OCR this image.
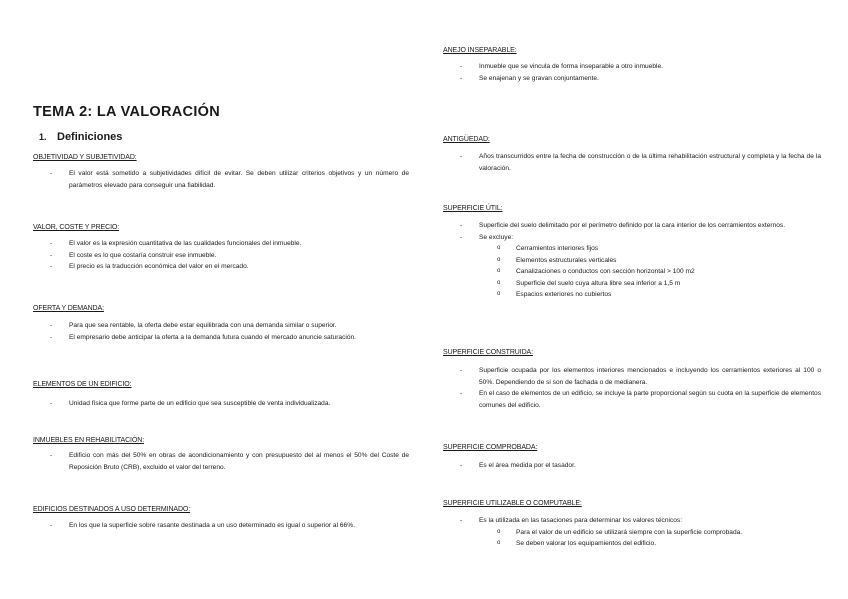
TEMA 2: LA VALORACIÓN
1. Definiciones

OBJETIVIDAD Y SUBJETIVIDAD:

- El valor está sometido a subjetividades difícil de evitar. Se deben utilizar criterios objetivos y un número de parámetros elevado para conseguir una fiabilidad.

VALOR, COSTE Y PRECIO:

- El valor es la expresión cuantitativa de las cualidades funcionales del inmueble.
- El coste es lo que costaría construir ese inmueble.
- El precio es la traducción económica del valor en el mercado.

OFERTA Y DEMANDA:

- Para que sea rentable, la oferta debe estar equilibrada con una demanda similar o superior.
- El empresario debe anticipar la oferta a la demanda futura cuando el mercado anuncie saturación.

ELEMENTOS DE UN EDIFICIO:

- Unidad física que forme parte de un edificio que sea susceptible de venta individualizada.

INMUEBLES EN REHABILITACIÓN:

- Edificio con más del 50% en obras de acondicionamiento y con presupuesto del al menos el 50% del Coste de Reposición Bruto (CRB), excluido el valor del terreno.

EDIFICIOS DESTINADOS A USO DETERMINADO:

- En los que la superficie sobre rasante destinada a un uso determinado es igual o superior al 66%.

ANEJO INSEPARABLE:

- Inmueble que se vincula de forma inseparable a otro inmueble.
- Se enajenan y se gravan conjuntamente.

ANTIGÜEDAD:

- Años transcurridos entre la fecha de construcción o de la última rehabilitación estructural y completa y la fecha de la valoración.

SUPERFICIE ÚTIL:

- Superficie del suelo delimitado por el perímetro definido por la cara interior de los cerramientos externos.
- Se excluye:
o Cerramientos interiores fijos
o Elementos estructurales verticales
o Canalizaciones o conductos con sección horizontal > 100 m2
o Superficie del suelo cuya altura libre sea inferior a 1,5 m
o Espacios exteriores no cubiertos

SUPERFICIE CONSTRUIDA:

- Superficie ocupada por los elementos interiores mencionados e incluyendo los cerramientos exteriores al 100 o 50%. Dependiendo de si son de fachada o de medianera.
- En el caso de elementos de un edificio, se incluye la parte proporcional según su cuota en la superficie de elementos comunes del edificio.

SUPERFICIE COMPROBADA:

- Es el área medida por el tasador.

SUPERFICIE UTILIZABLE O COMPUTABLE:

- Es la utilizada en las tasaciones para determinar los valores técnicos:
o Para el valor de un edificio se utilizará siempre con la superficie comprobada.
o Se deben valorar los equipamientos del edificio.
